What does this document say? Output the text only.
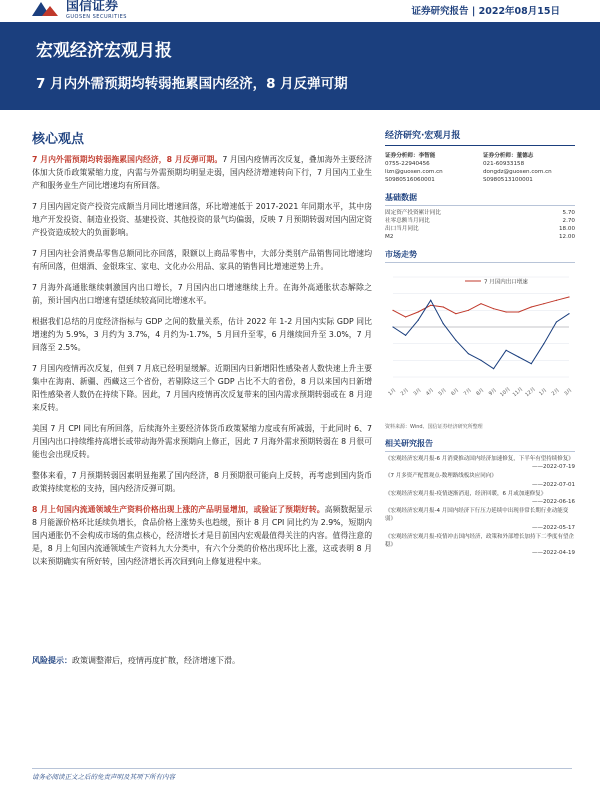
国信证券
GUOSEN SECURITIES	证券研究报告 | 2022年08月15日
宏观经济宏观月报
7 月内外需预期均转弱拖累国内经济，8 月反弹可期
核心观点

7 月内外需预期均转弱拖累国内经济，8 月反弹可期。7 月国内疫情再次反复，叠加海外主要经济体加大货币政策紧缩力度，内需与外需预期均明显走弱，国内经济增速转向下行，7 月国内工业生产和服务业生产同比增速均有所回落。

7 月国内固定资产投资完成额当月同比增速回落，环比增速低于 2017-2021 年同期水平，其中房地产开发投资、制造业投资、基建投资、其他投资的景气均偏弱，反映 7 月预期转弱对国内固定资产投资造成较大的负面影响。

7 月国内社会消费品零售总额同比亦回落，限额以上商品零售中，大部分类别产品销售同比增速均有所回落，但烟酒、金银珠宝、家电、文化办公用品、家具的销售同比增速逆势上升。

7 月海外高通胀继续刺激国内出口增长，7 月国内出口增速继续上升。在海外高通胀状态解除之前，预计国内出口增速有望延续较高同比增速水平。

根据我们总结的月度经济指标与 GDP 之间的数量关系，估计 2022 年 1-2 月国内实际 GDP 同比增速约为 5.9%，3 月约为 3.7%，4 月约为-1.7%，5 月回升至零，6 月继续回升至 3.0%，7 月回落至 2.5%。

7 月国内疫情再次反复，但到 7 月底已经明显缓解。近期国内日新增阳性感染者人数快速上升主要集中在海南、新疆、西藏这三个省份，若剔除这三个 GDP 占比不大的省份，8 月以来国内日新增阳性感染者人数仍在持续下降。因此，7 月国内疫情再次反复带来的国内需求预期转弱或在 8 月迎来反转。

美国 7 月 CPI 同比有所回落，后续海外主要经济体货币政策紧缩力度或有所减弱，于此同时 6、7 月国内出口持续维持高增长或带动海外需求预期向上修正，因此 7 月海外需求预期转弱在 8 月很可能也会出现反转。

整体来看，7 月预期转弱因素明显拖累了国内经济，8 月预期很可能向上反转，再考虑到国内货币政策持续宽松的支持，国内经济反弹可期。

8 月上旬国内流通领域生产资料价格出现上涨的产品明显增加，或验证了预期好转。高频数据显示 8 月能源价格环比延续负增长，食品价格上涨势头也趋缓，预计 8 月 CPI 同比约为 2.9%，短期内国内通胀仍不会构成市场的焦点核心，经济增长才是目前国内宏观最值得关注的内容。值得注意的是，8 月上旬国内流通领域生产资料九大分类中，有六个分类的价格出现环比上涨，这或表明 8 月以来预期确实有所好转，国内经济增长再次回到向上修复进程中来。

风险提示：政策调整滞后，疫情再度扩散，经济增速下滑。
经济研究·宏观月报
证券分析师：李智能
0755-22940456
lizn@guosen.com.cn
S0980516060001
证券分析师：董德志
021-60933158
dongdz@guosen.com.cn
S0980513100001
基础数据
固定资产投资累计同比	5.70
社零总额当月同比	2.70
出口当月同比	18.00
M2	12.00
市场走势
7 月国内出口增速
1月 2月 3月 4月 5月 6月 7月 8月 9月 10月 11月 12月 1月 2月 3月
资料来源：Wind、国信证券经济研究所整理
相关研究报告
《宏观经济宏观月报-6 月消费推动国内经济加速修复，下半年有望持续修复》
——2022-07-19
《7 月多资产配置观点-数理路线板块应同向》
——2022-07-01
《宏观经济宏观月报-疫情逐渐消退，经济回暖，6 月或加速修复》
——2022-06-16
《宏观经济宏观月报-4 月国内经济下行压力延续中出现非常长期行业动能变弱》
——2022-05-17
《宏观经济宏观月报-疫情冲击国内经济，政策和外部增长加持下二季度有望企稳》
——2022-04-19
请务必阅读正文之后的免责声明及其项下所有内容
